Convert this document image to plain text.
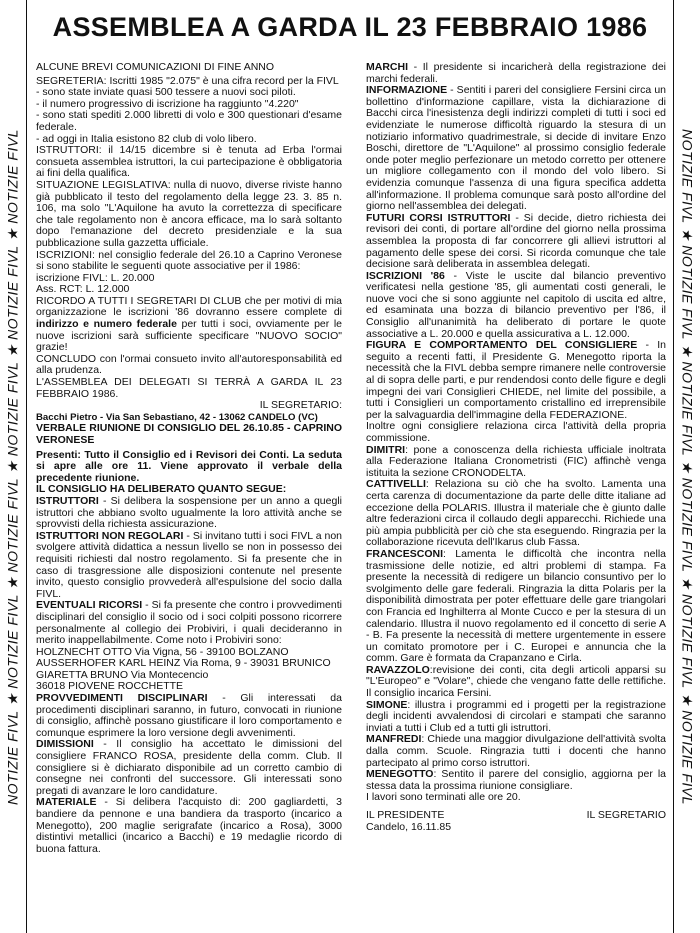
NOTIZIE FIVL ★ NOTIZIE FIVL ★ NOTIZIE FIVL ★ NOTIZIE FIVL ★ NOTIZIE FIVL ★ NOTIZIE FIVL	NOTIZIE FIVL ★ NOTIZIE FIVL ★ NOTIZIE FIVL ★ NOTIZIE FIVL ★ NOTIZIE FIVL ★ NOTIZIE FIVL
ASSEMBLEA A GARDA IL 23 FEBBRAIO 1986

ALCUNE BREVI COMUNICAZIONI DI FINE ANNO

SEGRETERIA: Iscritti 1985 "2.075" è una cifra record per la FIVL

- sono state inviate quasi 500 tessere a nuovi soci piloti.

- il numero progressivo di iscrizione ha raggiunto "4.220"

- sono stati spediti 2.000 libretti di volo e 300 questionari d'esame federale.

- ad oggi in Italia esistono 82 club di volo libero.

ISTRUTTORI: il 14/15 dicembre si è tenuta ad Erba l'ormai consueta assemblea istruttori, la cui partecipazione è obbligatoria ai fini della qualifica.

SITUAZIONE LEGISLATIVA: nulla di nuovo, diverse riviste hanno già pubblicato il testo del regolamento della legge 23. 3. 85 n. 106, ma solo "L'Aquilone ha avuto la correttezza di specificare che tale regolamento non è ancora efficace, ma lo sarà soltanto dopo l'emanazione del decreto presidenziale e la sua pubblicazione sulla gazzetta ufficiale.

ISCRIZIONI: nel consiglio federale del 26.10 a Caprino Veronese si sono stabilite le seguenti quote associative per il 1986:

iscrizione FIVL: L. 20.000

Ass. RCT: L. 12.000

RICORDO A TUTTI I SEGRETARI DI CLUB che per motivi di mia organizzazione le iscrizioni '86 dovranno essere complete di indirizzo e numero federale per tutti i soci, ovviamente per le nuove iscrizioni sarà sufficiente specificare "NUOVO SOCIO" grazie!

CONCLUDO con l'ormai consueto invito all'autoresponsabilità ed alla prudenza.

L'ASSEMBLEA DEI DELEGATI SI TERRÀ A GARDA IL 23 FEBBRAIO 1986.

IL SEGRETARIO:

Bacchi Pietro - Via San Sebastiano, 42 - 13062 CANDELO (VC)

VERBALE RIUNIONE DI CONSIGLIO DEL 26.10.85 - CAPRINO VERONESE

Presenti: Tutto il Consiglio ed i Revisori dei Conti. La seduta si apre alle ore 11. Viene approvato il verbale della precedente riunione.

IL CONSIGLIO HA DELIBERATO QUANTO SEGUE:

ISTRUTTORI - Si delibera la sospensione per un anno a quegli istruttori che abbiano svolto ugualmente la loro attività anche se sprovvisti della richiesta assicurazione.

ISTRUTTORI NON REGOLARI - Si invitano tutti i soci FIVL a non svolgere attività didattica a nessun livello se non in possesso dei requisiti richiesti dal nostro regolamento. Si fa presente che in caso di trasgressione alle disposizioni contenute nel presente invito, questo consiglio provvederà all'espulsione del socio dalla FIVL.

EVENTUALI RICORSI - Si fa presente che contro i provvedimenti disciplinari del consiglio il socio od i soci colpiti possono ricorrere personalmente al collegio dei Probiviri, i quali decideranno in merito inappellabilmente. Come noto i Probiviri sono:

HOLZNECHT OTTO Via Vigna, 56 - 39100 BOLZANO

AUSSERHOFER KARL HEINZ Via Roma, 9 - 39031 BRUNICO

GIARETTA BRUNO Via Montecencio

36018 PIOVENE ROCCHETTE

PROVVEDIMENTI DISCIPLINARI - Gli interessati da procedimenti disciplinari saranno, in futuro, convocati in riunione di consiglio, affinchè possano giustificare il loro comportamento e comunque esprimere la loro versione degli avvenimenti.

DIMISSIONI - Il consiglio ha accettato le dimissioni del consigliere FRANCO ROSA, presidente della comm. Club. Il consigliere si è dichiarato disponibile ad un corretto cambio di consegne nei confronti del successore. Gli interessati sono pregati di avanzare le loro candidature.

MATERIALE - Si delibera l'acquisto di: 200 gagliardetti, 3 bandiere da pennone e una bandiera da trasporto (incarico a Menegotto), 200 maglie serigrafate (incarico a Rosa), 3000 distintivi metallici (incarico a Bacchi) e 19 medaglie ricordo di buona fattura.

MARCHI - Il presidente si incaricherà della registrazione dei marchi federali.

INFORMAZIONE - Sentiti i pareri del consigliere Fersini circa un bollettino d'informazione capillare, vista la dichiarazione di Bacchi circa l'inesistenza degli indirizzi completi di tutti i soci ed evidenziate le numerose difficoltà riguardo la stesura di un notiziario informativo quadrimestrale, si decide di invitare Enzo Boschi, direttore de "L'Aquilone" al prossimo consiglio federale onde poter meglio perfezionare un metodo corretto per ottenere un migliore collegamento con il mondo del volo libero. Si evidenzia comunque l'assenza di una figura specifica addetta all'informazione. Il problema comunque sarà posto all'ordine del giorno nell'assemblea dei delegati.

FUTURI CORSI ISTRUTTORI - Si decide, dietro richiesta dei revisori dei conti, di portare all'ordine del giorno nella prossima assemblea la proposta di far concorrere gli allievi istruttori al pagamento delle spese dei corsi. Si ricorda comunque che tale decisione sarà deliberata in assemblea delegati.

ISCRIZIONI '86 - Viste le uscite dal bilancio preventivo verificatesi nella gestione '85, gli aumentati costi generali, le nuove voci che si sono aggiunte nel capitolo di uscita ed altre, ed esaminata una bozza di bilancio preventivo per l'86, il Consiglio all'unanimità ha deliberato di portare le quote associative a L. 20.000 e quella assicurativa a L. 12.000.

FIGURA E COMPORTAMENTO DEL CONSIGLIERE - In seguito a recenti fatti, il Presidente G. Menegotto riporta la necessità che la FIVL debba sempre rimanere nelle controversie al di sopra delle parti, e pur rendendosi conto delle figure e degli impegni dei vari Consiglieri CHIEDE, nel limite del possibile, a tutti i Consiglieri un comportamento cristallino ed irreprensibile per la salvaguardia dell'immagine della FEDERAZIONE.

Inoltre ogni consigliere relaziona circa l'attività della propria commissione.

DIMITRI: pone a conoscenza della richiesta ufficiale inoltrata alla Federazione Italiana Cronometristi (FIC) affinchè venga istituita la sezione CRONODELTA.

CATTIVELLI: Relaziona su ciò che ha svolto. Lamenta una certa carenza di documentazione da parte delle ditte italiane ad eccezione della POLARIS. Illustra il materiale che è giunto dalle altre federazioni circa il collaudo degli apparecchi. Richiede una più ampia pubblicità per ciò che sta eseguendo. Ringrazia per la collaborazione ricevuta dell'Ikarus club Fassa.

FRANCESCONI: Lamenta le difficoltà che incontra nella trasmissione delle notizie, ed altri problemi di stampa. Fa presente la necessità di redigere un bilancio consuntivo per lo svolgimento delle gare federali. Ringrazia la ditta Polaris per la disponibilità dimostrata per poter effettuare delle gare triangolari con Francia ed Inghilterra al Monte Cucco e per la stesura di un calendario. Illustra il nuovo regolamento ed il concetto di serie A - B. Fa presente la necessità di mettere urgentemente in essere un comitato promotore per i C. Europei e annuncia che la comm. Gare è formata da Crapanzano e Cirla.

RAVAZZOLO:revisione dei conti, cita degli articoli apparsi su "L'Europeo" e "Volare", chiede che vengano fatte delle rettifiche. Il consiglio incarica Fersini.

SIMONE: illustra i programmi ed i progetti per la registrazione degli incidenti avvalendosi di circolari e stampati che saranno inviati a tutti i Club ed a tutti gli istruttori.

MANFREDI: Chiede una maggior divulgazione dell'attività svolta dalla comm. Scuole. Ringrazia tutti i docenti che hanno partecipato al primo corso istruttori.

MENEGOTTO: Sentito il parere del consiglio, aggiorna per la stessa data la prossima riunione consigliare.

I lavori sono terminati alle ore 20.

IL PRESIDENTE	IL SEGRETARIO

Candelo, 16.11.85
